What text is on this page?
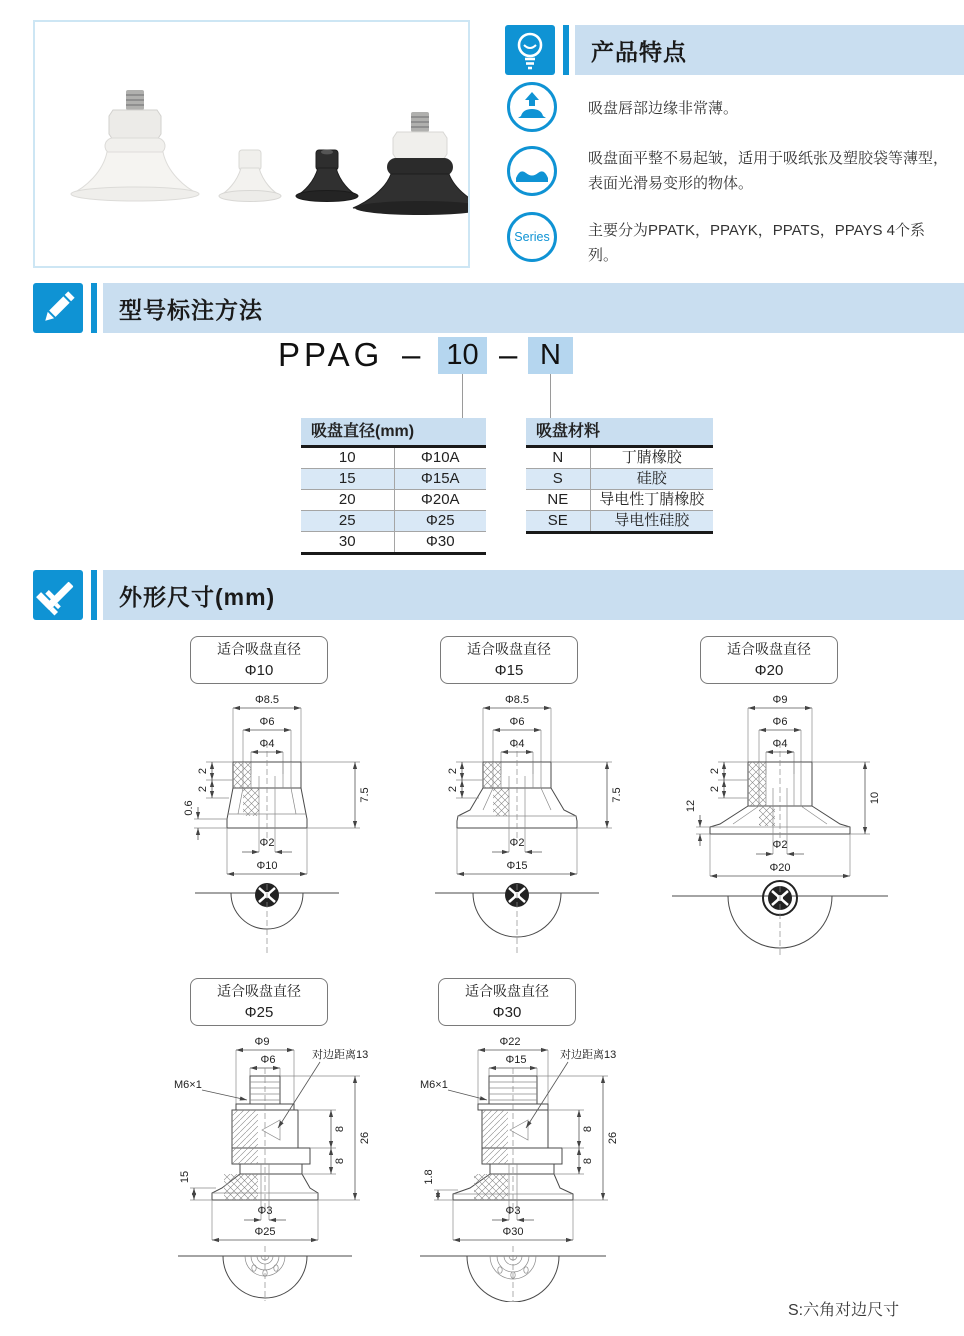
产品特点
吸盘唇部边缘非常薄。
吸盘面平整不易起皱，适用于吸纸张及塑胶袋等薄型，表面光滑易变形的物体。
Series	主要分为PPATK，PPAYK，PPATS，PPAYS 4个系列。
型号标注方法
PPAG – 10 – N
吸盘直径(mm)
10	Φ10A
15	Φ15A
20	Φ20A
25	Φ25
30	Φ30
吸盘材料
N	丁腈橡胶
S	硅胶
NE	导电性丁腈橡胶
SE	导电性硅胶
外形尺寸(mm)
适合吸盘直径
Φ10
Φ8.5
Φ6
Φ4
2
2
0.6
7.5
Φ2
Φ10
适合吸盘直径
Φ15
Φ8.5
Φ6
Φ4
2
2	7.5
Φ2
Φ15
适合吸盘直径
Φ20
Φ9
Φ6
Φ4
2
2
12
10
Φ2
Φ20
适合吸盘直径
Φ25
Φ9
Φ6
M6×1
对边距离13
8
8
26
15
Φ3
Φ25
适合吸盘直径
Φ30
Φ22
Φ15
M6×1
对边距离13
8
8
26
1.8
Φ3
Φ30
S:六角对边尺寸
